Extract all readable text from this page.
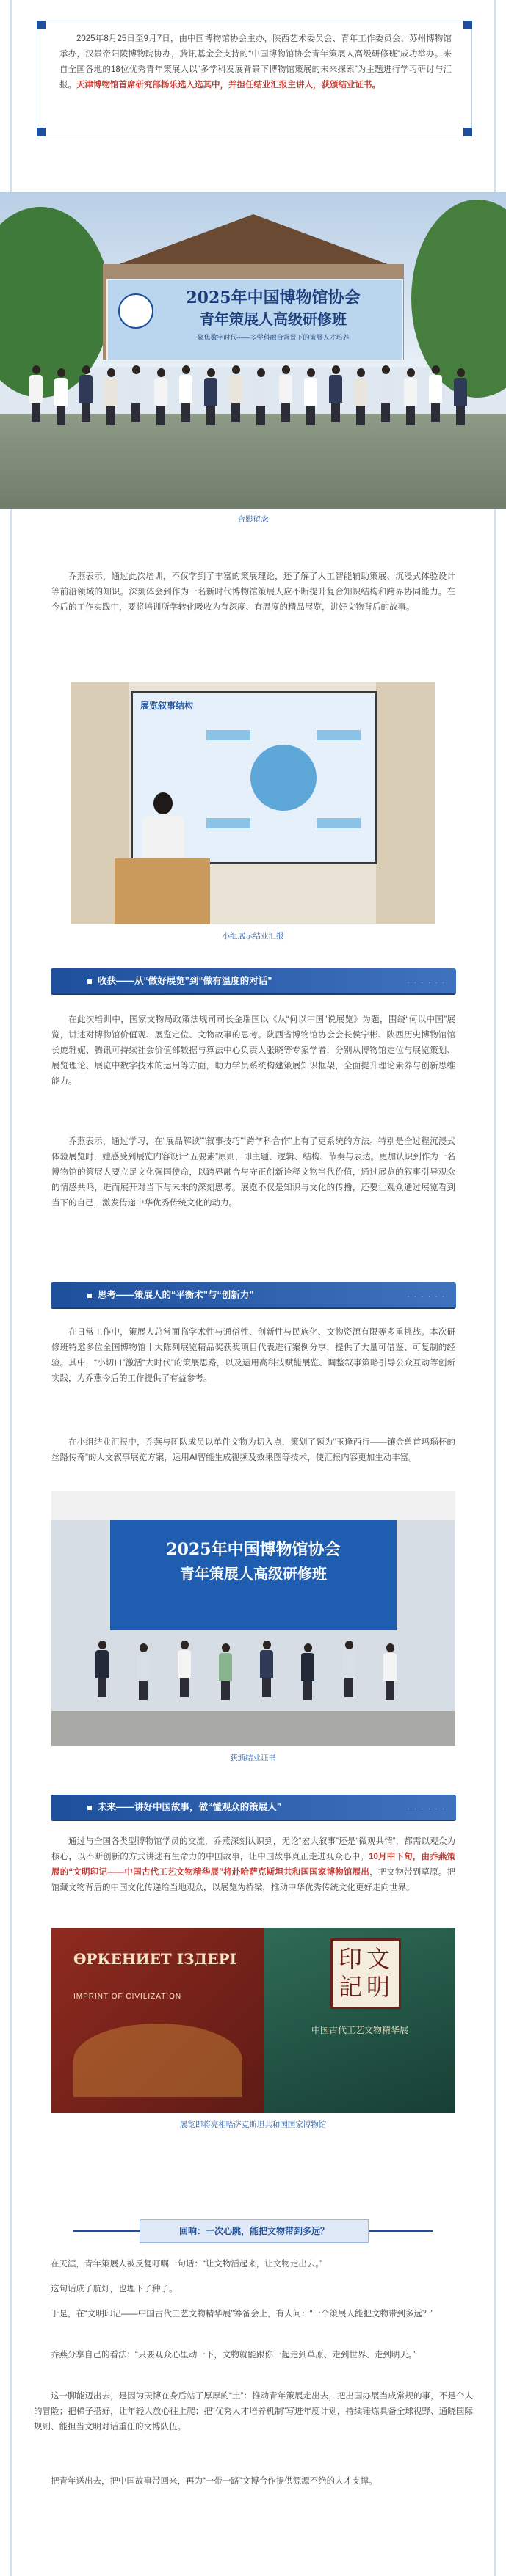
2025年8月25日至9月7日，由中国博物馆协会主办，陕西艺术委员会、青年工作委员会、苏州博物馆承办，汉景帝阳陵博物院协办，腾讯基金会支持的“中国博物馆协会青年策展人高级研修班”成功举办。来自全国各地的18位优秀青年策展人以“多学科发展背景下博物馆策展的未来探索”为主题进行学习研讨与汇报。天津博物馆首席研究部杨乐选入选其中，并担任结业汇报主讲人，获颁结业证书。

2025年中国博物馆协会
青年策展人高级研修班
聚焦数字时代——多学科融合背景下的策展人才培养
合影留念

乔燕表示，通过此次培训，不仅学到了丰富的策展理论，还了解了人工智能辅助策展、沉浸式体验设计等前沿领域的知识。深刻体会到作为一名新时代博物馆策展人应不断提升复合知识结构和跨界协同能力。在今后的工作实践中，要将培训所学转化吸收为有深度、有温度的精品展览，讲好文物背后的故事。

展览叙事结构
小组展示结业汇报
收获——从“做好展览”到“做有温度的对话”	· · · · · ·

在此次培训中，国家文物局政策法规司司长金瑞国以《从“何以中国”说展览》为题，围绕“何以中国”展览，讲述对博物馆价值观、展览定位、文物故事的思考。陕西省博物馆协会会长侯宁彬、陕西历史博物馆馆长庞雅妮、腾讯可持续社会价值部数据与算法中心负责人张晓等专家学者，分别从博物馆定位与展览策划、展览理论、展览中数字技术的运用等方面，助力学员系统构建策展知识框架，全面提升理论素养与创新思维能力。

乔燕表示，通过学习，在“展品解读”“叙事技巧”“跨学科合作”上有了更系统的方法。特别是全过程沉浸式体验展览时，她感受到展览内容设计“五要素”原则，即主题、逻辑、结构、节奏与表达。更加认识到作为一名博物馆的策展人要立足文化强国使命，以跨界融合与守正创新诠释文物当代价值，通过展览的叙事引导观众的情感共鸣，进而展开对当下与未来的深刻思考。展览不仅是知识与文化的传播，还要让观众通过展览看到当下的自己，激发传递中华优秀传统文化的动力。

思考——策展人的“平衡术”与“创新力”	· · · · · ·

在日常工作中，策展人总常面临学术性与通俗性、创新性与民族化、文物资源有限等多重挑战。本次研修班特邀多位全国博物馆十大陈列展览精品奖获奖项目代表进行案例分享，提供了大量可借鉴、可复制的经验。其中，“小切口”激活“大时代”的策展思路，以及运用高科技赋能展览、调整叙事策略引导公众互动等创新实践，为乔燕今后的工作提供了有益参考。

在小组结业汇报中，乔燕与团队成员以单件文物为切入点，策划了题为“玉逢西行——镶金兽首玛瑙杯的丝路传奇”的人文叙事展览方案，运用AI智能生成视频及效果图等技术，使汇报内容更加生动丰富。

2025年中国博物馆协会
青年策展人高级研修班
获颁结业证书
未来——讲好中国故事，做“懂观众的策展人”	· · · · · ·

通过与全国各类型博物馆学员的交流，乔燕深刻认识到，无论“宏大叙事”还是“微观共情”，都需以观众为核心，以不断创新的方式讲述有生命力的中国故事，让中国故事真正走进观众心中。10月中下旬，由乔燕策展的“文明印记——中国古代工艺文物精华展”将赴哈萨克斯坦共和国国家博物馆展出，把文物带到草原。把馆藏文物背后的中国文化传递给当地观众，以展览为桥梁，推动中华优秀传统文化更好走向世界。

ӨРКЕНИЕТ ІЗДЕРІ
IMPRINT OF CIVILIZATION
印 文
記 明
中国古代工艺文物精华展
展览即将亮相哈萨克斯坦共和国国家博物馆
回响：一次心跳，能把文物带到多远？

在天涯，青年策展人被反复叮嘱一句话：“让文物活起来，让文物走出去。”

这句话成了航灯，也埋下了种子。

于是，在“文明印记——中国古代工艺文物精华展”筹备会上，有人问：“一个策展人能把文物带到多远？”

乔燕分享自己的看法：“只要观众心里动一下，文物就能跟你一起走到草原、走到世界、走到明天。”

这一脚能迈出去，是因为天博在身后站了厚厚的“土”：推动青年策展走出去，把出国办展当成常规的事，不是个人的冒险；把梯子搭好，让年轻人放心往上爬；把“优秀人才培养机制”写进年度计划，持续锤炼具备全球视野、通晓国际规则、能担当文明对话重任的文博队伍。

把青年送出去，把中国故事带回来，再为“一带一路”文博合作提供源源不绝的人才支撑。
